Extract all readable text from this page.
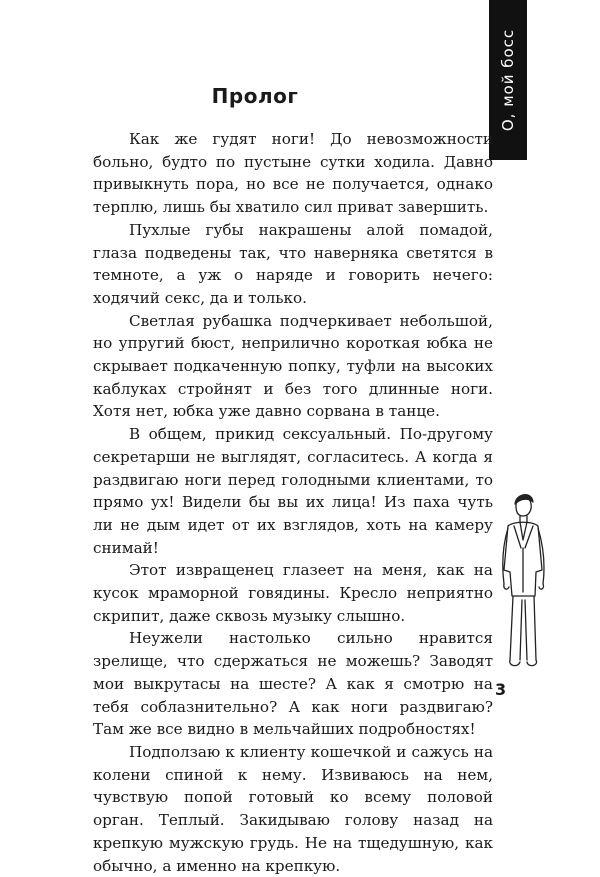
О, мой босс
Пролог

Как же гудят ноги! До невозможности больно, будто по пустыне сутки ходила. Давно привыкнуть пора, но все не получается, однако терплю, лишь бы хватило сил приват завершить.

Пухлые губы накрашены алой помадой, глаза подведены так, что наверняка светятся в темноте, а уж о наряде и говорить нечего: ходячий секс, да и только.

Светлая рубашка подчеркивает небольшой, но упругий бюст, неприлично короткая юбка не скрывает подкаченную попку, туфли на высоких каблуках стройнят и без того длинные ноги. Хотя нет, юбка уже давно сорвана в танце.

В общем, прикид сексуальный. По-другому секретарши не выглядят, согласитесь. А когда я раздвигаю ноги перед голодными клиентами, то прямо ух! Видели бы вы их лица! Из паха чуть ли не дым идет от их взглядов, хоть на камеру снимай!

Этот извращенец глазеет на меня, как на кусок мраморной говядины. Кресло неприятно скрипит, даже сквозь музыку слышно.

Неужели настолько сильно нравится зрелище, что сдержаться не можешь? Заводят мои выкрутасы на шесте? А как я смотрю на тебя соблазнительно? А как ноги раздвигаю? Там же все видно в мельчайших подробностях!

Подползаю к клиенту кошечкой и сажусь на колени спиной к нему. Извиваюсь на нем, чувствую попой готовый ко всему половой орган. Теплый. Закидываю голову назад на крепкую мужскую грудь. Не на тщедушную, как обычно, а именно на крепкую.

3
